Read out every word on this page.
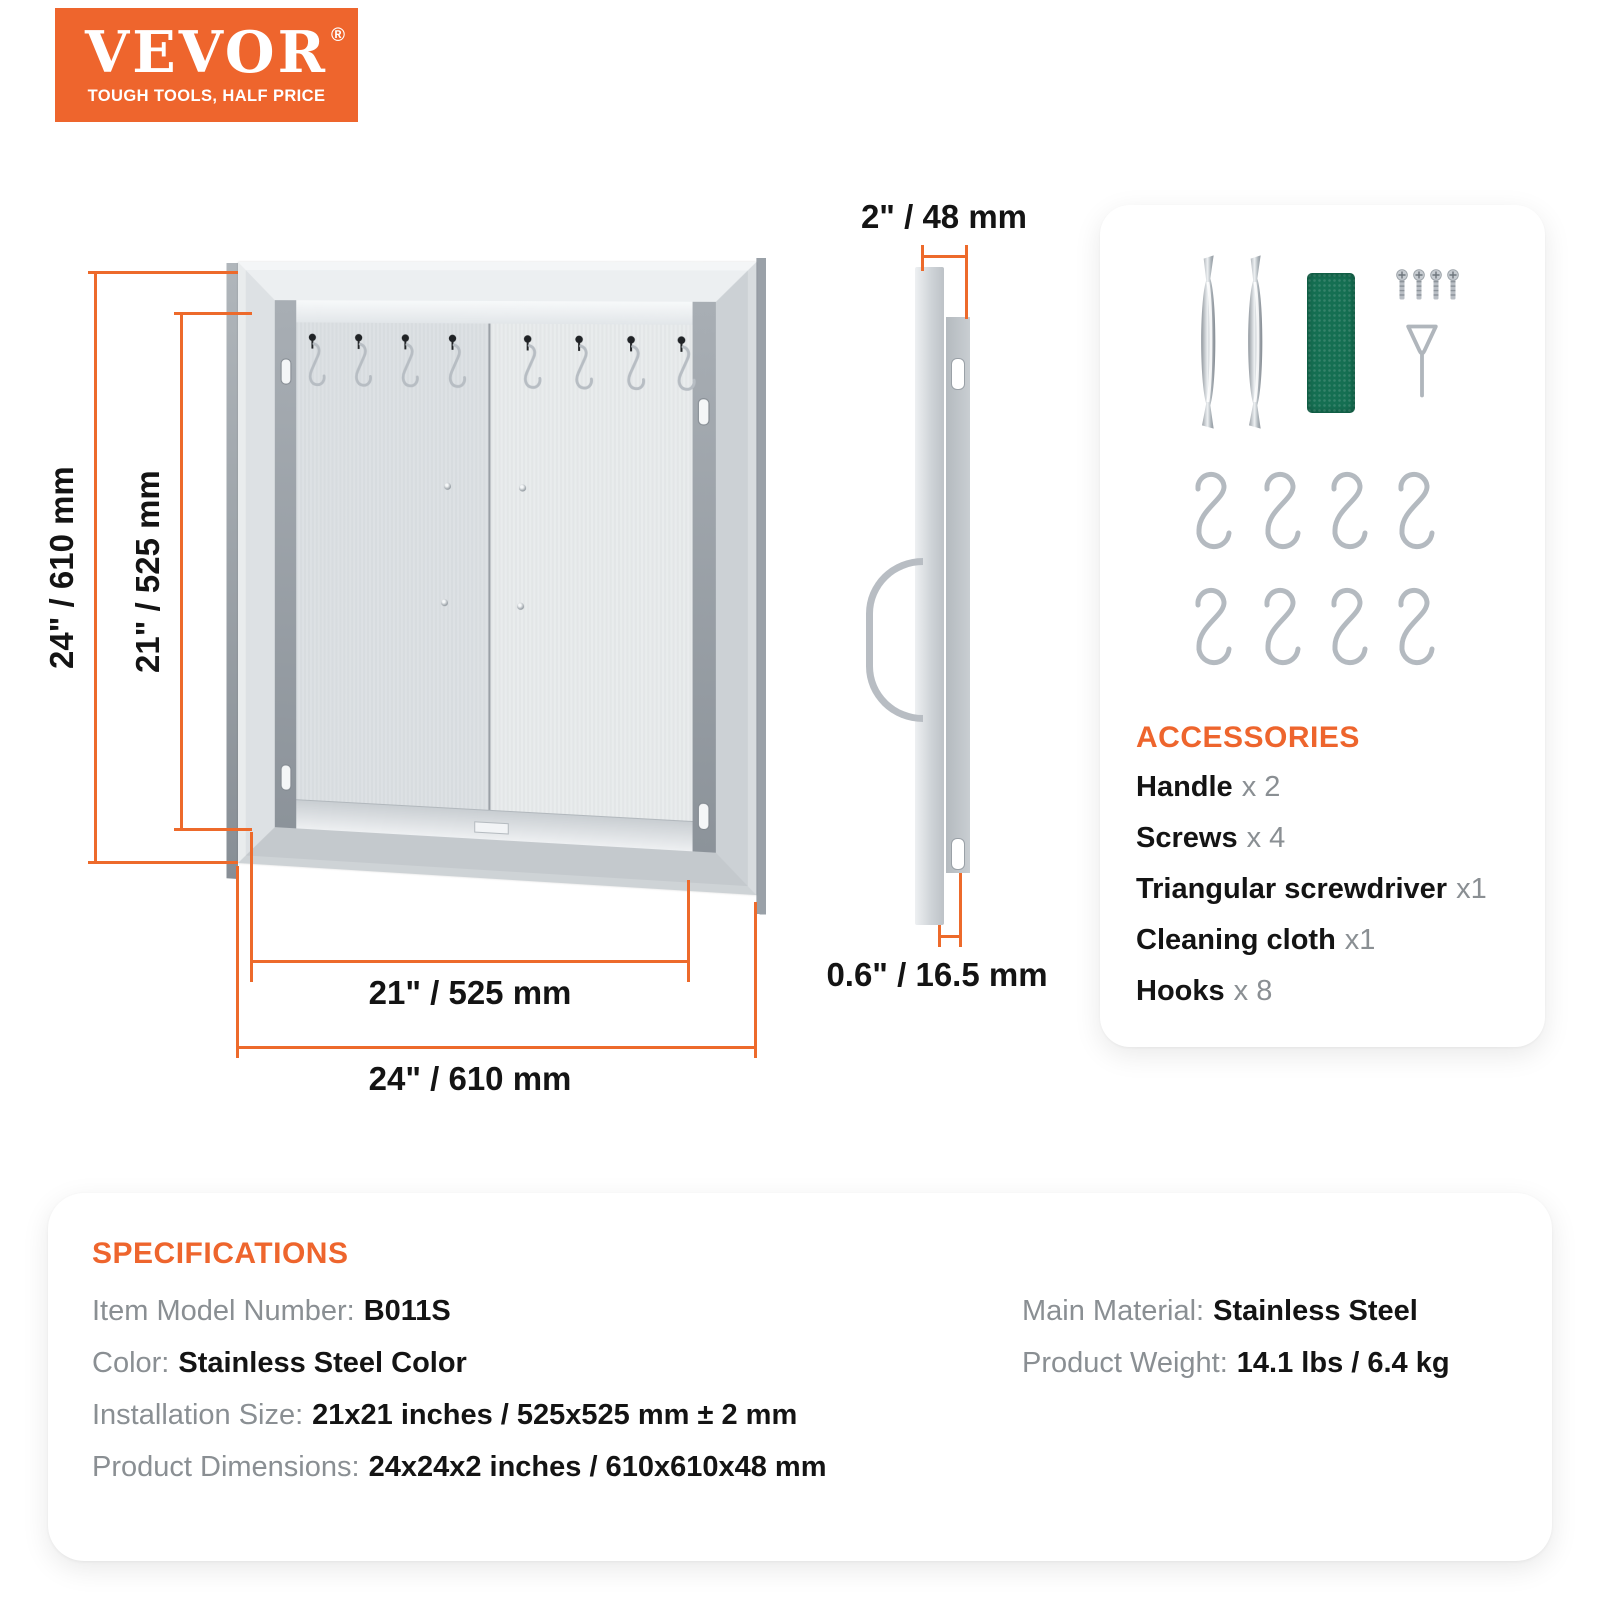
VEVOR ®
TOUGH TOOLS, HALF PRICE
24" / 610 mm 21" / 525 mm
21" / 525 mm
24" / 610 mm
2" / 48 mm
0.6" / 16.5 mm
ACCESSORIES
Handle x 2
Screws x 4
Triangular screwdriver x1
Cleaning cloth x1
Hooks x 8
SPECIFICATIONS
Item Model Number: B011S
Color: Stainless Steel Color
Installation Size: 21x21 inches / 525x525 mm ± 2 mm
Product Dimensions: 24x24x2 inches / 610x610x48 mm
Main Material: Stainless Steel
Product Weight: 14.1 lbs / 6.4 kg
